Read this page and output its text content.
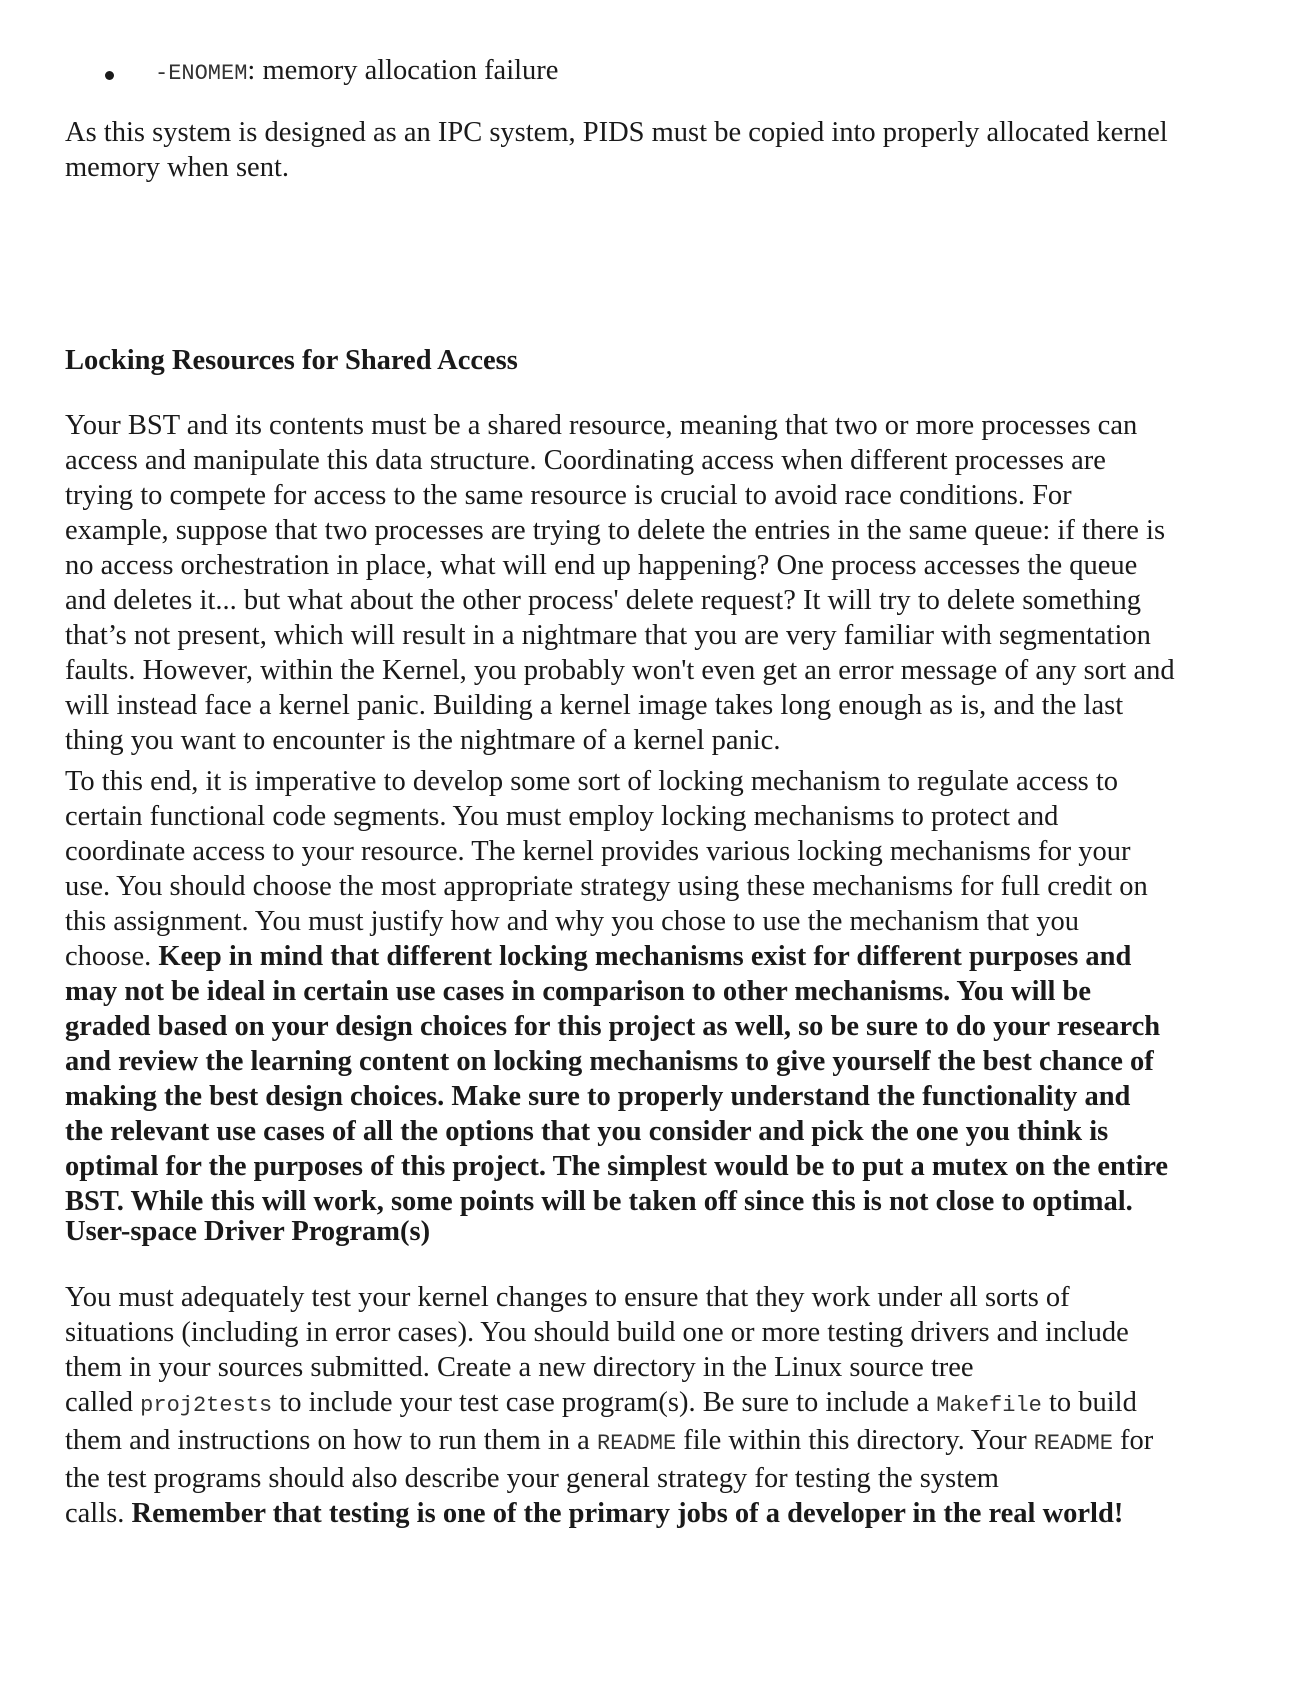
-ENOMEM: memory allocation failure

As this system is designed as an IPC system, PIDS must be copied into properly allocated kernel
memory when sent.

Locking Resources for Shared Access

Your BST and its contents must be a shared resource, meaning that two or more processes can
access and manipulate this data structure. Coordinating access when different processes are
trying to compete for access to the same resource is crucial to avoid race conditions. For
example, suppose that two processes are trying to delete the entries in the same queue: if there is
no access orchestration in place, what will end up happening? One process accesses the queue
and deletes it... but what about the other process' delete request? It will try to delete something
that’s not present, which will result in a nightmare that you are very familiar with segmentation
faults. However, within the Kernel, you probably won't even get an error message of any sort and
will instead face a kernel panic. Building a kernel image takes long enough as is, and the last
thing you want to encounter is the nightmare of a kernel panic.

To this end, it is imperative to develop some sort of locking mechanism to regulate access to
certain functional code segments. You must employ locking mechanisms to protect and
coordinate access to your resource. The kernel provides various locking mechanisms for your
use. You should choose the most appropriate strategy using these mechanisms for full credit on
this assignment. You must justify how and why you chose to use the mechanism that you
choose. Keep in mind that different locking mechanisms exist for different purposes and
may not be ideal in certain use cases in comparison to other mechanisms. You will be
graded based on your design choices for this project as well, so be sure to do your research
and review the learning content on locking mechanisms to give yourself the best chance of
making the best design choices. Make sure to properly understand the functionality and
the relevant use cases of all the options that you consider and pick the one you think is
optimal for the purposes of this project. The simplest would be to put a mutex on the entire
BST. While this will work, some points will be taken off since this is not close to optimal.

User-space Driver Program(s)

You must adequately test your kernel changes to ensure that they work under all sorts of
situations (including in error cases). You should build one or more testing drivers and include
them in your sources submitted. Create a new directory in the Linux source tree
called proj2tests to include your test case program(s). Be sure to include a Makefile to build
them and instructions on how to run them in a README file within this directory. Your README for
the test programs should also describe your general strategy for testing the system
calls. Remember that testing is one of the primary jobs of a developer in the real world!
